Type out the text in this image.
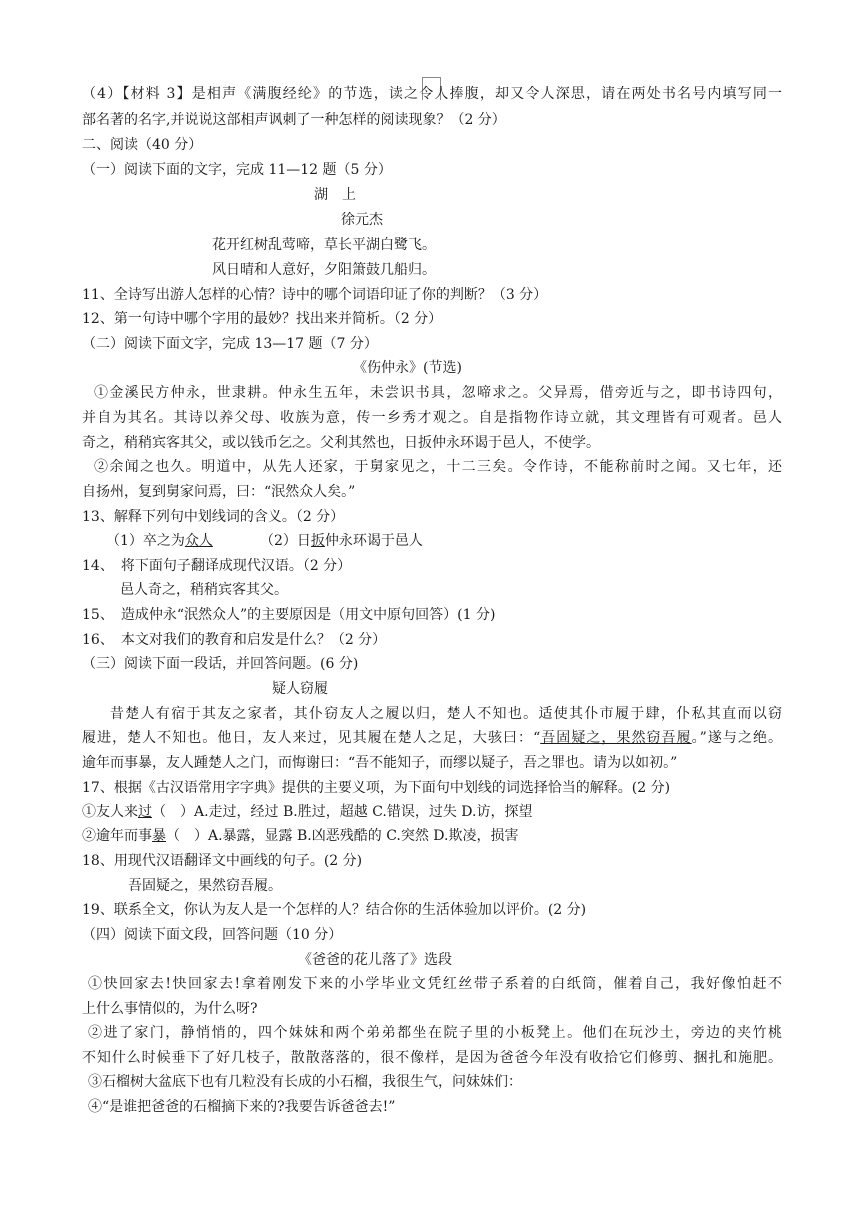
（4）【材料 3】是相声《满腹经纶》的节选，读之令人捧腹，却又令人深思，请在两处书名号内填写同一
部名著的名字,并说说这部相声讽刺了一种怎样的阅读现象？（2 分）
二、阅读（40 分）
（一）阅读下面的文字，完成 11—12 题（5 分）
湖　上
徐元杰
花开红树乱莺啼，草长平湖白鹭飞。
风日晴和人意好，夕阳箫鼓几船归。
11、全诗写出游人怎样的心情？诗中的哪个词语印证了你的判断？（3 分）
12、第一句诗中哪个字用的最妙？找出来并简析。（2 分）
（二）阅读下面文字，完成 13—17 题（7 分）
《伤仲永》(节选)
①金溪民方仲永，世隶耕。仲永生五年，未尝识书具，忽啼求之。父异焉，借旁近与之，即书诗四句，
并自为其名。其诗以养父母、收族为意，传一乡秀才观之。自是指物作诗立就，其文理皆有可观者。邑人
奇之，稍稍宾客其父，或以钱币乞之。父利其然也，日扳仲永环谒于邑人，不使学。
②余闻之也久。明道中，从先人还家，于舅家见之，十二三矣。令作诗，不能称前时之闻。又七年，还
自扬州，复到舅家问焉，曰：“泯然众人矣。”
13、解释下列句中划线词的含义。（2 分）
（1）卒之为众人	（2）日扳仲永环谒于邑人
14、　将下面句子翻译成现代汉语。（2 分）
邑人奇之，稍稍宾客其父。
15、　造成仲永“泯然众人”的主要原因是（用文中原句回答）(1 分)
16、　本文对我们的教育和启发是什么？（2 分）
（三）阅读下面一段话，并回答问题。(6 分)
疑人窃履
昔楚人有宿于其友之家者，其仆窃友人之履以归，楚人不知也。适使其仆市履于肆，仆私其直而以窃
履进，楚人不知也。他日，友人来过，见其履在楚人之足，大骇曰：“吾固疑之，果然窃吾履。”遂与之绝。
逾年而事暴，友人踵楚人之门，而悔谢曰：“吾不能知子，而缪以疑子，吾之罪也。请为以如初。”
17、根据《古汉语常用字字典》提供的主要义项，为下面句中划线的词选择恰当的解释。(2 分)
①友人来过（　）A.走过，经过 B.胜过，超越 C.错误，过失 D.访，探望
②逾年而事暴（　）A.暴露，显露 B.凶恶残酷的 C.突然 D.欺凌，损害
18、用现代汉语翻译文中画线的句子。(2 分)
吾固疑之，果然窃吾履。
19、联系全文，你认为友人是一个怎样的人？结合你的生活体验加以评价。(2 分)
（四）阅读下面文段，回答问题（10 分）
《爸爸的花儿落了》选段
①快回家去!快回家去!拿着刚发下来的小学毕业文凭红丝带子系着的白纸筒，催着自己，我好像怕赶不
上什么事情似的，为什么呀?
②进了家门，静悄悄的，四个妹妹和两个弟弟都坐在院子里的小板凳上。他们在玩沙土，旁边的夹竹桃
不知什么时候垂下了好几枝子，散散落落的，很不像样，是因为爸爸今年没有收拾它们修剪、捆扎和施肥。
③石榴树大盆底下也有几粒没有长成的小石榴，我很生气，问妹妹们：
④“是谁把爸爸的石榴摘下来的?我要告诉爸爸去!”
